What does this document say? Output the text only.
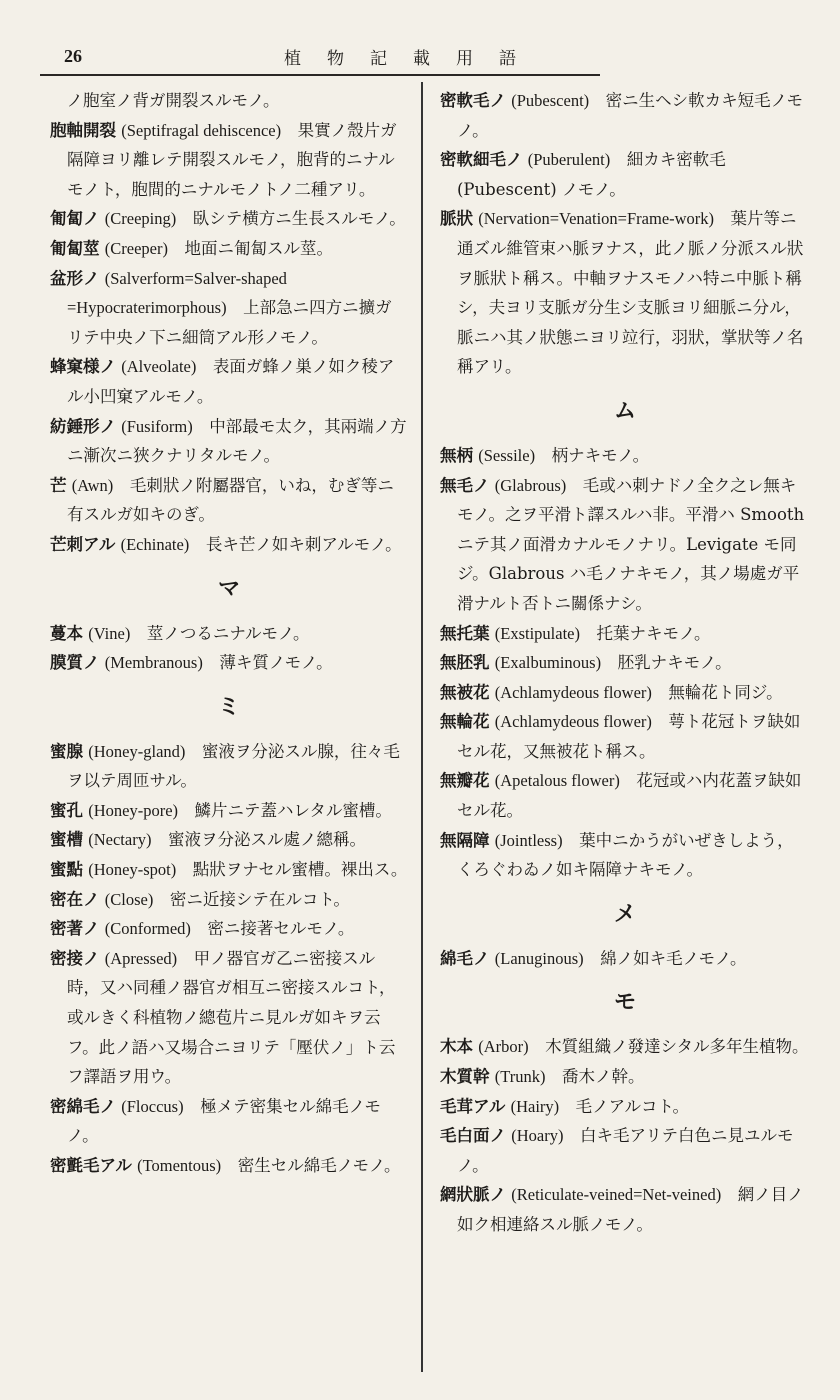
26	植物記載用語
　ノ胞室ノ背ガ開裂スルモノ。
胞軸開裂 (Septifragal dehiscence)　 果實ノ殼片ガ隔障ヨリ離レテ開裂スルモノ，胞背的ニナルモノト，胞間的ニナルモノトノ二種アリ。
匍匐ノ (Creeping)　 臥シテ横方ニ生長スルモノ。
匍匐莖 (Creeper)　 地面ニ匍匐スル莖。
盆形ノ (Salverform=Salver-shaped =Hypocraterimorphous)　 上部急ニ四方ニ擴ガリテ中央ノ下ニ細筒アル形ノモノ。
蜂窠様ノ (Alveolate)　 表面ガ蜂ノ巣ノ如ク稜アル小凹窠アルモノ。
紡錘形ノ (Fusiform)　 中部最モ太ク，其兩端ノ方ニ漸次ニ狹クナリタルモノ。
芒 (Awn)　 毛刺狀ノ附屬器官，いね，むぎ等ニ有スルガ如キのぎ。
芒刺アル (Echinate)　 長キ芒ノ如キ刺アルモノ。
マ
蔓本 (Vine)　 莖ノつるニナルモノ。
膜質ノ (Membranous)　 薄キ質ノモノ。
ミ
蜜腺 (Honey-gland)　 蜜液ヲ分泌スル腺，往々毛ヲ以テ周匝サル。
蜜孔 (Honey-pore)　 鱗片ニテ蓋ハレタル蜜槽。
蜜槽 (Nectary)　 蜜液ヲ分泌スル處ノ總稱。
蜜點 (Honey-spot)　 點狀ヲナセル蜜槽。裸出ス。
密在ノ (Close)　 密ニ近接シテ在ルコト。
密著ノ (Conformed)　 密ニ接著セルモノ。
密接ノ (Apressed)　 甲ノ器官ガ乙ニ密接スル時，又ハ同種ノ器官ガ相互ニ密接スルコト，或ルきく科植物ノ總苞片ニ見ルガ如キヲ云フ。此ノ語ハ又場合ニヨリテ「壓伏ノ」ト云フ譯語ヲ用ウ。
密綿毛ノ (Floccus)　 極メテ密集セル綿毛ノモノ。
密氈毛アル (Tomentous)　 密生セル綿毛ノモノ。
密軟毛ノ (Pubescent)　 密ニ生ヘシ軟カキ短毛ノモノ。
密軟細毛ノ (Puberulent)　 細カキ密軟毛 (Pubescent) ノモノ。
脈狀 (Nervation=Venation=Frame-work)　 葉片等ニ通ズル維管束ハ脈ヲナス，此ノ脈ノ分派スル狀ヲ脈狀ト稱ス。中軸ヲナスモノハ特ニ中脈ト稱シ，夫ヨリ支脈ガ分生シ支脈ヨリ細脈ニ分ル，脈ニハ其ノ狀態ニヨリ竝行，羽狀，掌狀等ノ名稱アリ。
ム
無柄 (Sessile)　 柄ナキモノ。
無毛ノ (Glabrous)　 毛或ハ刺ナドノ全ク之レ無キモノ。之ヲ平滑ト譯スルハ非。平滑ハ Smooth ニテ其ノ面滑カナルモノナリ。Levigate モ同ジ。Glabrous ハ毛ノナキモノ，其ノ場處ガ平滑ナルト否トニ關係ナシ。
無托葉 (Exstipulate)　 托葉ナキモノ。
無胚乳 (Exalbuminous)　 胚乳ナキモノ。
無被花 (Achlamydeous flower)　 無輪花ト同ジ。
無輪花 (Achlamydeous flower)　 萼ト花冠トヲ缺如セル花，又無被花ト稱ス。
無瓣花 (Apetalous flower)　 花冠或ハ内花蓋ヲ缺如セル花。
無隔障 (Jointless)　 葉中ニかうがいぜきしよう，くろぐわゐノ如キ隔障ナキモノ。
メ
綿毛ノ (Lanuginous)　 綿ノ如キ毛ノモノ。
モ
木本 (Arbor)　 木質組織ノ發達シタル多年生植物。
木質幹 (Trunk)　 喬木ノ幹。
毛茸アル (Hairy)　 毛ノアルコト。
毛白面ノ (Hoary)　 白キ毛アリテ白色ニ見ユルモノ。
網狀脈ノ (Reticulate-veined=Net-veined)　 網ノ目ノ如ク相連絡スル脈ノモノ。
